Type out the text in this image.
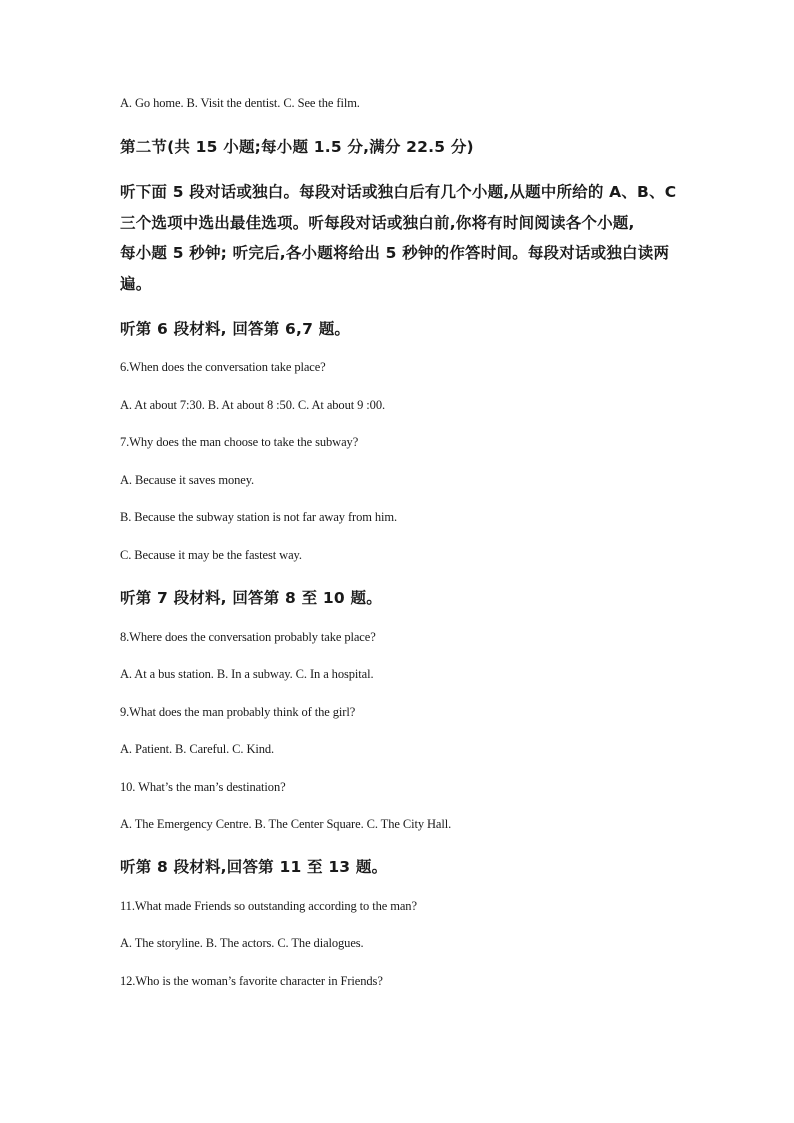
A. Go home. B. Visit the dentist. C. See the film.
第二节(共 15 小题;每小题 1.5 分,满分 22.5 分)
听下面 5 段对话或独白。每段对话或独白后有几个小题,从题中所给的 A、B、C
三个选项中选出最佳选项。听每段对话或独白前,你将有时间阅读各个小题,
每小题 5 秒钟; 听完后,各小题将给出 5 秒钟的作答时间。每段对话或独白读两
遍。
听第 6 段材料, 回答第 6,7 题。
6.When does the conversation take place?
A. At about 7:30. B. At about 8 :50. C. At about 9 :00.
7.Why does the man choose to take the subway?
A. Because it saves money.
B. Because the subway station is not far away from him.
C. Because it may be the fastest way.
听第 7 段材料, 回答第 8 至 10 题。
8.Where does the conversation probably take place?
A. At a bus station. B. In a subway. C. In a hospital.
9.What does the man probably think of the girl?
A. Patient. B. Careful. C. Kind.
10. What’s the man’s destination?
A. The Emergency Centre. B. The Center Square. C. The City Hall.
听第 8 段材料,回答第 11 至 13 题。
11.What made Friends so outstanding according to the man?
A. The storyline. B. The actors. C. The dialogues.
12.Who is the woman’s favorite character in Friends?
